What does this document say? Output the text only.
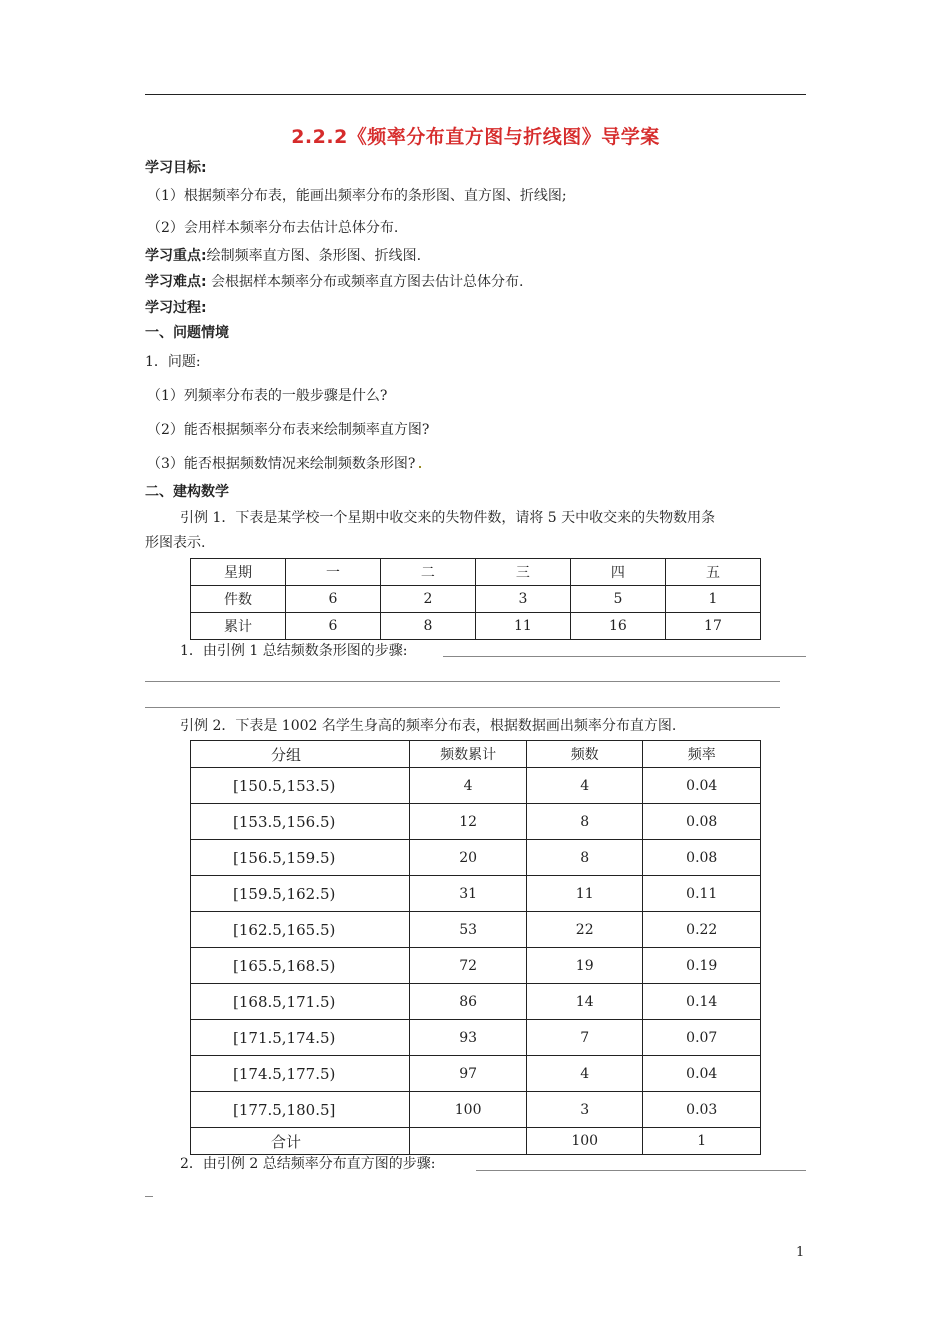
2.2.2《频率分布直方图与折线图》导学案
学习目标:
（1）根据频率分布表，能画出频率分布的条形图、直方图、折线图;
（2）会用样本频率分布去估计总体分布.
学习重点:绘制频率直方图、条形图、折线图.
学习难点: 会根据样本频率分布或频率直方图去估计总体分布.
学习过程:
一、问题情境
1．问题:
（1）列频率分布表的一般步骤是什么?
（2）能否根据频率分布表来绘制频率直方图?
（3）能否根据频数情况来绘制频数条形图?
二、建构数学
引例 1．下表是某学校一个星期中收交来的失物件数，请将 5 天中收交来的失物数用条
形图表示.
星期	一	二	三	四	五
件数	6	2	3	5	1
累计	6	8	11	16	17
1．由引例 1 总结频数条形图的步骤:
引例 2．下表是 1002 名学生身高的频率分布表，根据数据画出频率分布直方图.
分组	频数累计	频数	频率
[150.5,153.5)	4	4	0.04
[153.5,156.5)	12	8	0.08
[156.5,159.5)	20	8	0.08
[159.5,162.5)	31	11	0.11
[162.5,165.5)	53	22	0.22
[165.5,168.5)	72	19	0.19
[168.5,171.5)	86	14	0.14
[171.5,174.5)	93	7	0.07
[174.5,177.5)	97	4	0.04
[177.5,180.5]	100	3	0.03
合计		100	1
2．由引例 2 总结频率分布直方图的步骤:
1
